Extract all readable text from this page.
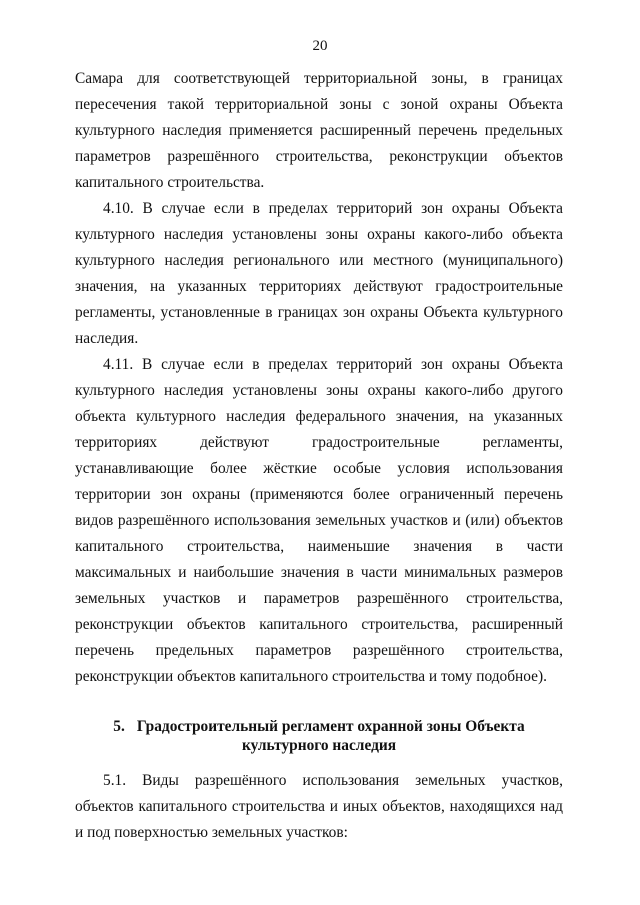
20

Самара для соответствующей территориальной зоны, в границах пересечения такой территориальной зоны с зоной охраны Объекта культурного наследия применяется расширенный перечень предельных параметров разрешённого строительства, реконструкции объектов капитального строительства.

4.10. В случае если в пределах территорий зон охраны Объекта культурного наследия установлены зоны охраны какого-либо объекта культурного наследия регионального или местного (муниципального) значения, на указанных территориях действуют градостроительные регламенты, установленные в границах зон охраны Объекта культурного наследия.

4.11. В случае если в пределах территорий зон охраны Объекта культурного наследия установлены зоны охраны какого-либо другого объекта культурного наследия федерального значения, на указанных территориях действуют градостроительные регламенты, устанавливающие более жёсткие особые условия использования территории зон охраны (применяются более ограниченный перечень видов разрешённого использования земельных участков и (или) объектов капитального строительства, наименьшие значения в части максимальных и наибольшие значения в части минимальных размеров земельных участков и параметров разрешённого строительства, реконструкции объектов капитального строительства, расширенный перечень предельных параметров разрешённого строительства, реконструкции объектов капитального строительства и тому подобное).

5. Градостроительный регламент охранной зоны Объекта
культурного наследия

5.1. Виды разрешённого использования земельных участков, объектов капитального строительства и иных объектов, находящихся над и под поверхностью земельных участков:
